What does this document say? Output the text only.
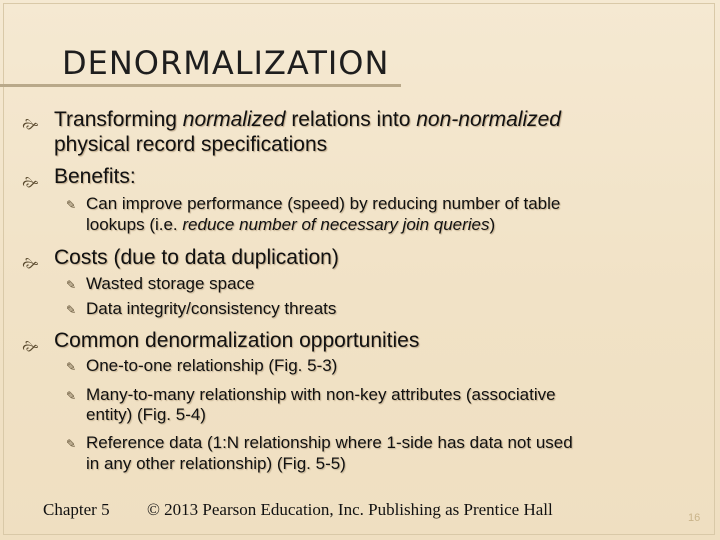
DENORMALIZATION
🙚 Transforming normalized relations into non-normalized
physical record specifications
🙚 Benefits:
✎ Can improve performance (speed) by reducing number of table
lookups (i.e. reduce number of necessary join queries)
🙚 Costs (due to data duplication)
✎ Wasted storage space
✎ Data integrity/consistency threats
🙚 Common denormalization opportunities
✎ One-to-one relationship (Fig. 5-3)
✎ Many-to-many relationship with non-key attributes (associative
entity) (Fig. 5-4)
✎ Reference data (1:N relationship where 1-side has data not used
in any other relationship) (Fig. 5-5)
Chapter 5 © 2013 Pearson Education, Inc. Publishing as Prentice Hall	16
